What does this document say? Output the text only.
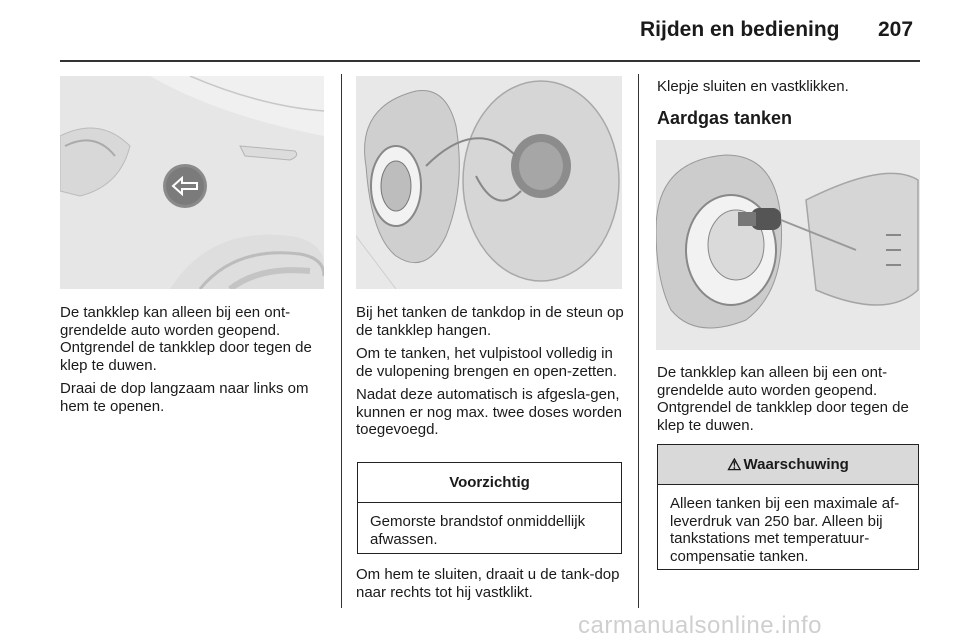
Rijden en bediening 207

De tankklep kan alleen bij een ont-grendelde auto worden geopend. Ontgrendel de tankklep door tegen de klep te duwen.

Draai de dop langzaam naar links om hem te openen.

Bij het tanken de tankdop in de steun op de tankklep hangen.

Om te tanken, het vulpistool volledig in de vulopening brengen en open-zetten.

Nadat deze automatisch is afgesla-gen, kunnen er nog max. twee doses worden toegevoegd.

Voorzichtig
Gemorste brandstof onmiddellijk afwassen.

Om hem te sluiten, draait u de tank-dop naar rechts tot hij vastklikt.

Klepje sluiten en vastklikken.

Aardgas tanken

De tankklep kan alleen bij een ont-grendelde auto worden geopend. Ontgrendel de tankklep door tegen de klep te duwen.

⚠ Waarschuwing
Alleen tanken bij een maximale af-leverdruk van 250 bar. Alleen bij tankstations met temperatuur-compensatie tanken.
carmanualsonline.info
